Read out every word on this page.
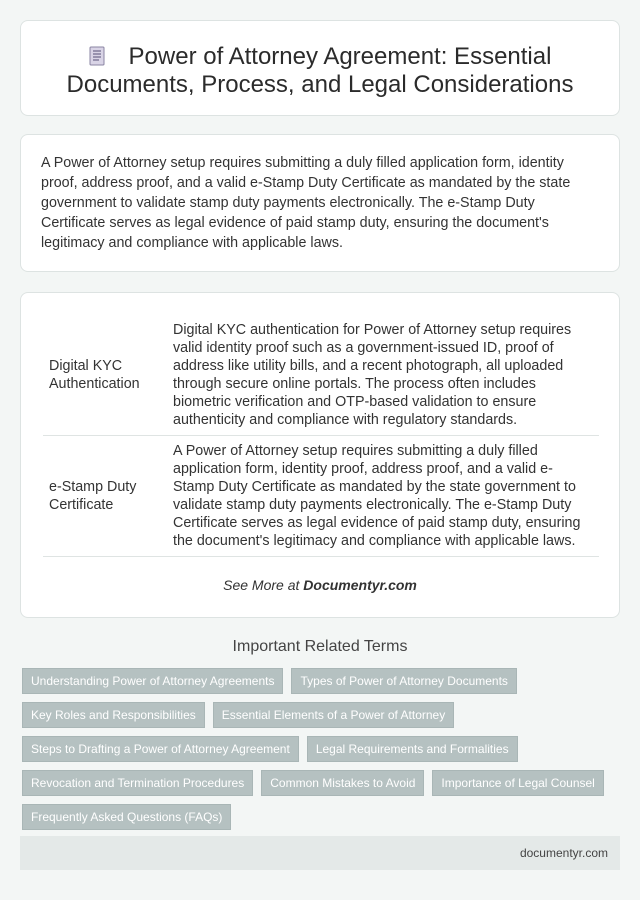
Power of Attorney Agreement: Essential
Documents, Process, and Legal Considerations

A Power of Attorney setup requires submitting a duly filled application form, identity proof, address proof, and a valid e-Stamp Duty Certificate as mandated by the state government to validate stamp duty payments electronically. The e-Stamp Duty Certificate serves as legal evidence of paid stamp duty, ensuring the document's legitimacy and compliance with applicable laws.

Digital KYC Authentication	Digital KYC authentication for Power of Attorney setup requires valid identity proof such as a government-issued ID, proof of address like utility bills, and a recent photograph, all uploaded through secure online portals. The process often includes biometric verification and OTP-based validation to ensure authenticity and compliance with regulatory standards.
e-Stamp Duty Certificate	A Power of Attorney setup requires submitting a duly filled application form, identity proof, address proof, and a valid e-Stamp Duty Certificate as mandated by the state government to validate stamp duty payments electronically. The e-Stamp Duty Certificate serves as legal evidence of paid stamp duty, ensuring the document's legitimacy and compliance with applicable laws.
See More at Documentyr.com
Important Related Terms
Understanding Power of Attorney Agreements	Types of Power of Attorney Documents
Key Roles and Responsibilities	Essential Elements of a Power of Attorney
Steps to Drafting a Power of Attorney Agreement	Legal Requirements and Formalities
Revocation and Termination Procedures	Common Mistakes to Avoid	Importance of Legal Counsel
Frequently Asked Questions (FAQs)
documentyr.com
